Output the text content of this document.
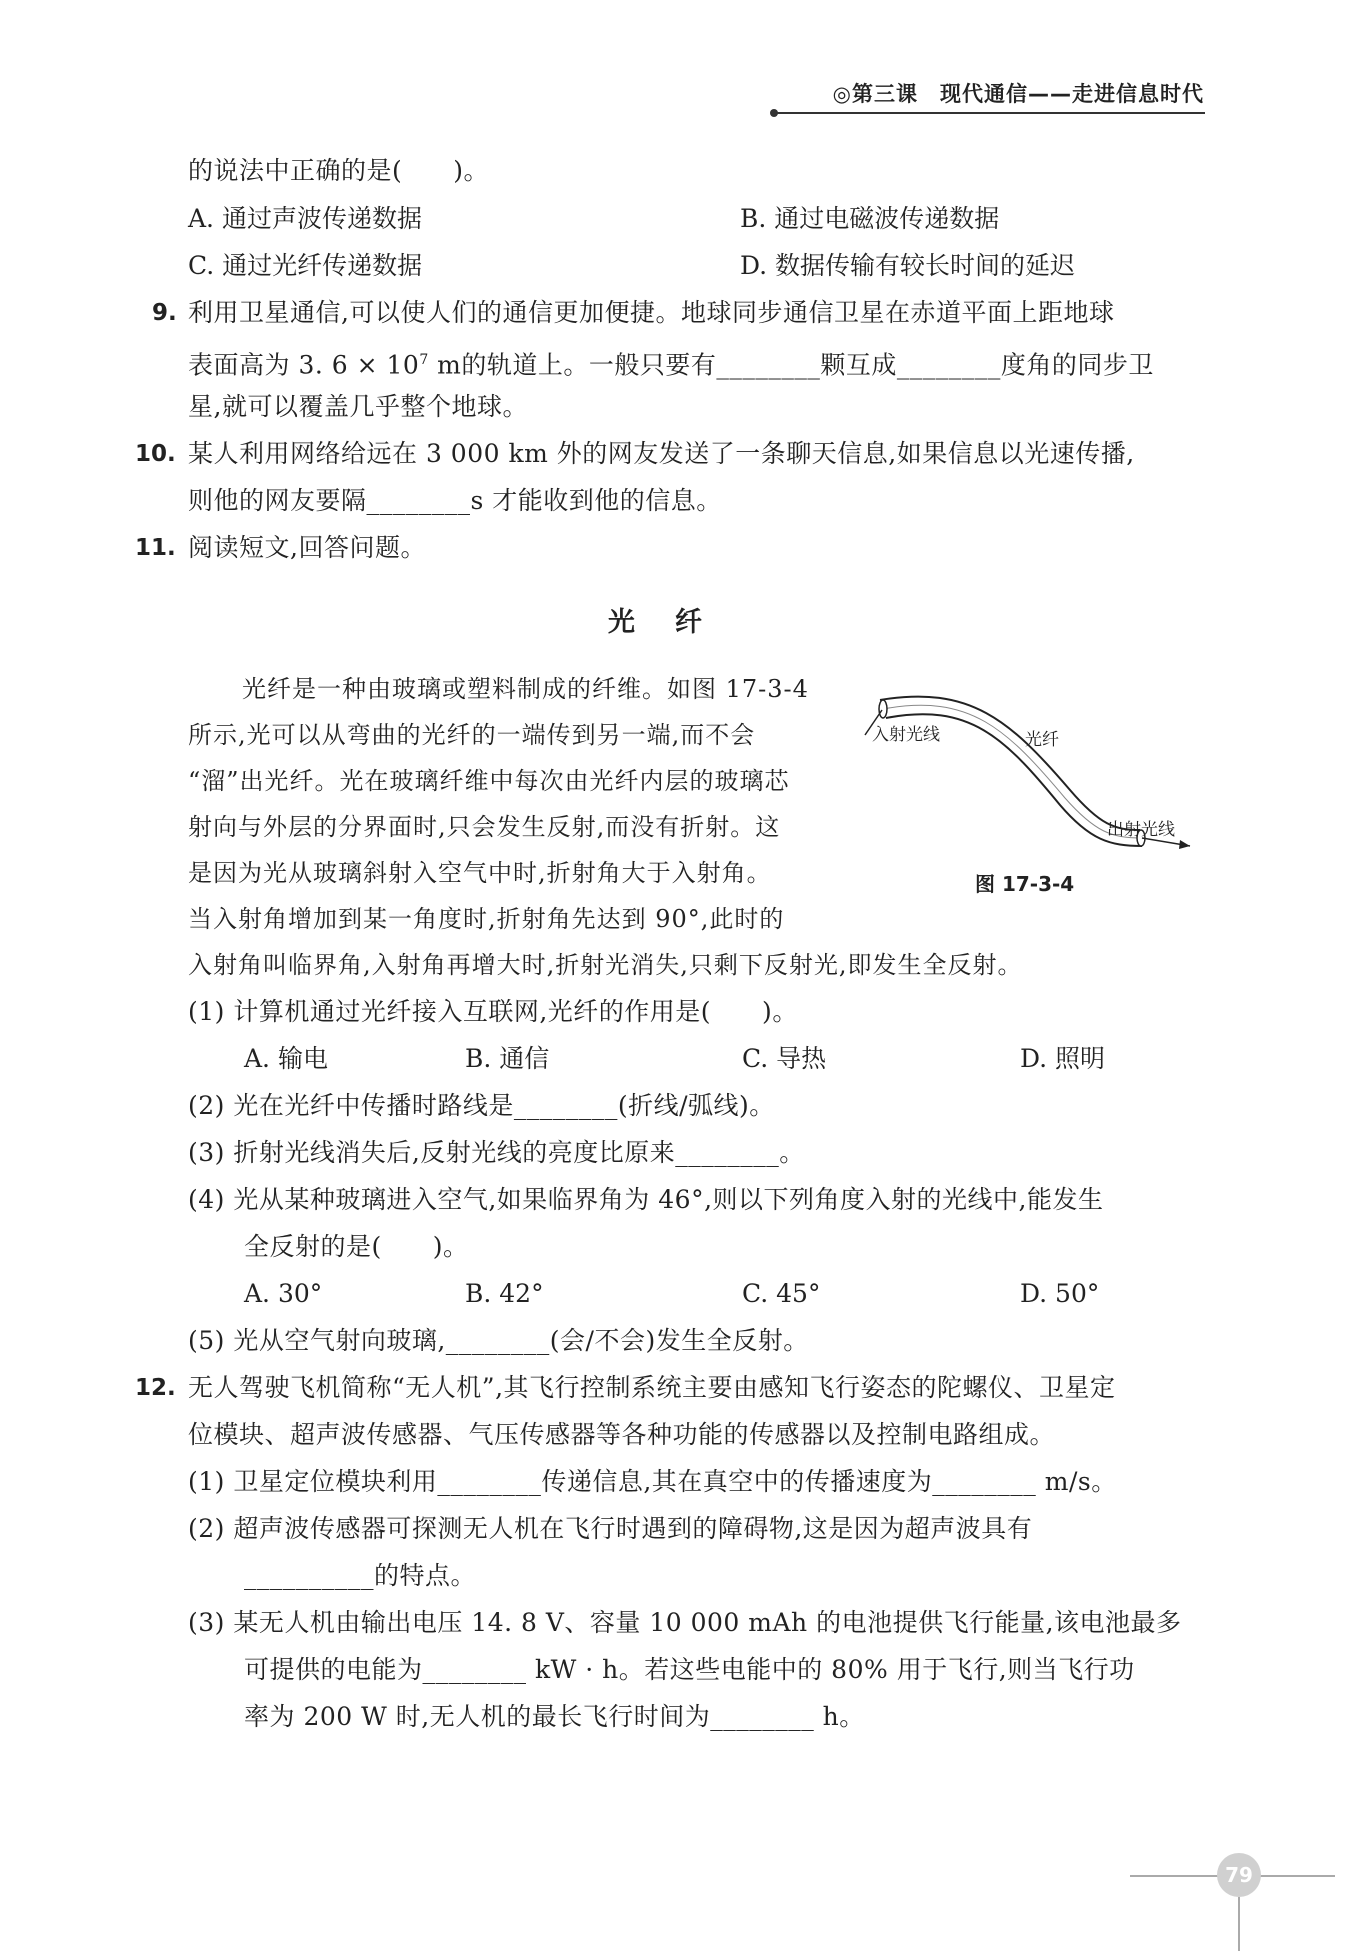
◎第三课　现代通信——走进信息时代
的说法中正确的是(　　)。
A. 通过声波传递数据	B. 通过电磁波传递数据
C. 通过光纤传递数据	D. 数据传输有较长时间的延迟
9. 利用卫星通信,可以使人们的通信更加便捷。地球同步通信卫星在赤道平面上距地球
表面高为 3. $6 \times 10^7$ m的轨道上。一般只要有________颗互成________度角的同步卫
星,就可以覆盖几乎整个地球。
10. 某人利用网络给远在 3 000 km 外的网友发送了一条聊天信息,如果信息以光速传播,
则他的网友要隔________s 才能收到他的信息。
11. 阅读短文,回答问题。
光纤
光纤是一种由玻璃或塑料制成的纤维。如图 17-3-4
所示,光可以从弯曲的光纤的一端传到另一端,而不会
“溜”出光纤。光在玻璃纤维中每次由光纤内层的玻璃芯
射向与外层的分界面时,只会发生反射,而没有折射。这
是因为光从玻璃斜射入空气中时,折射角大于入射角。
当入射角增加到某一角度时,折射角先达到 90°,此时的
入射角叫临界角,入射角再增大时,折射光消失,只剩下反射光,即发生全反射。
入射光线	光纤
出射光线
图 17-3-4
(1) 计算机通过光纤接入互联网,光纤的作用是(　　)。
A. 输电	B. 通信	C. 导热	D. 照明
(2) 光在光纤中传播时路线是________(折线/弧线)。
(3) 折射光线消失后,反射光线的亮度比原来________。
(4) 光从某种玻璃进入空气,如果临界角为 46°,则以下列角度入射的光线中,能发生
全反射的是(　　)。
A. 30°	B. 42°	C. 45°	D. 50°
(5) 光从空气射向玻璃,________(会/不会)发生全反射。
12. 无人驾驶飞机简称“无人机”,其飞行控制系统主要由感知飞行姿态的陀螺仪、卫星定
位模块、超声波传感器、气压传感器等各种功能的传感器以及控制电路组成。
(1) 卫星定位模块利用________传递信息,其在真空中的传播速度为________ m/s。
(2) 超声波传感器可探测无人机在飞行时遇到的障碍物,这是因为超声波具有
__________的特点。
(3) 某无人机由输出电压 14. 8 V、容量 10 000 mAh 的电池提供飞行能量,该电池最多
可提供的电能为________ kW · h。若这些电能中的 80% 用于飞行,则当飞行功
率为 200 W 时,无人机的最长飞行时间为________ h。
79
